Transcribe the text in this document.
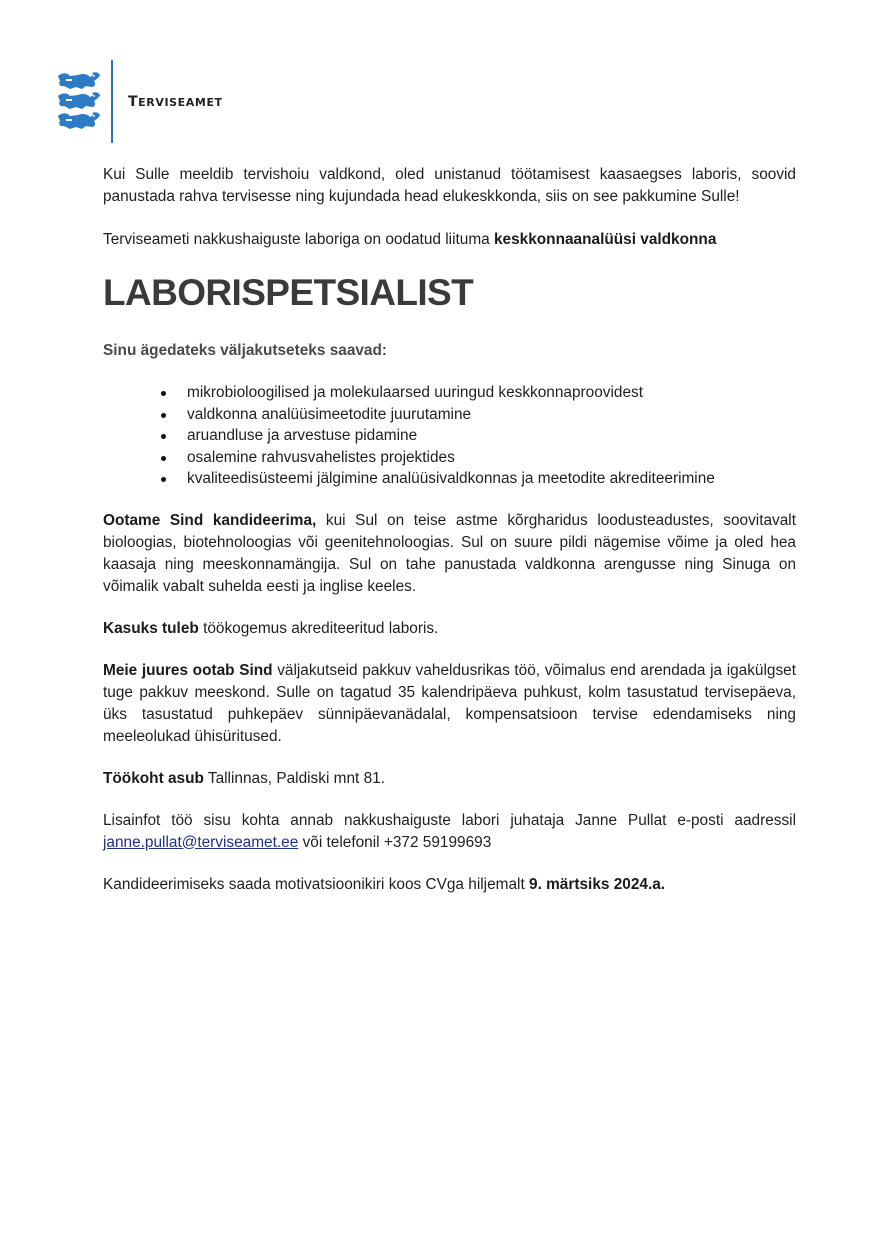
TERVISEAMET

Kui Sulle meeldib tervishoiu valdkond, oled unistanud töötamisest kaasaegses laboris, soovid panustada rahva tervisesse ning kujundada head elukeskkonda, siis on see pakkumine Sulle!

Terviseameti nakkushaiguste laboriga on oodatud liituma keskkonnaanalüüsi valdkonna

LABORISPETSIALIST
Sinu ägedateks väljakutseteks saavad:
mikrobioloogilised ja molekulaarsed uuringud keskkonnaproovidest
valdkonna analüüsimeetodite juurutamine
aruandluse ja arvestuse pidamine
osalemine rahvusvahelistes projektides
kvaliteedisüsteemi jälgimine analüüsivaldkonnas ja meetodite akrediteerimine

Ootame Sind kandideerima, kui Sul on teise astme kõrgharidus loodusteadustes, soovitavalt bioloogias, biotehnoloogias või geenitehnoloogias. Sul on suure pildi nägemise võime ja oled hea kaasaja ning meeskonnamängija. Sul on tahe panustada valdkonna arengusse ning Sinuga on võimalik vabalt suhelda eesti ja inglise keeles.

Kasuks tuleb töökogemus akrediteeritud laboris.

Meie juures ootab Sind väljakutseid pakkuv vaheldusrikas töö, võimalus end arendada ja igakülgset tuge pakkuv meeskond. Sulle on tagatud 35 kalendripäeva puhkust, kolm tasustatud tervisepäeva, üks tasustatud puhkepäev sünnipäevanädalal, kompensatsioon tervise edendamiseks ning meeleolukad ühisüritused.

Töökoht asub Tallinnas, Paldiski mnt 81.

Lisainfot töö sisu kohta annab nakkushaiguste labori juhataja Janne Pullat e-posti aadressil janne.pullat@terviseamet.ee või telefonil +372 59199693

Kandideerimiseks saada motivatsioonikiri koos CVga hiljemalt 9. märtsiks 2024.a.
